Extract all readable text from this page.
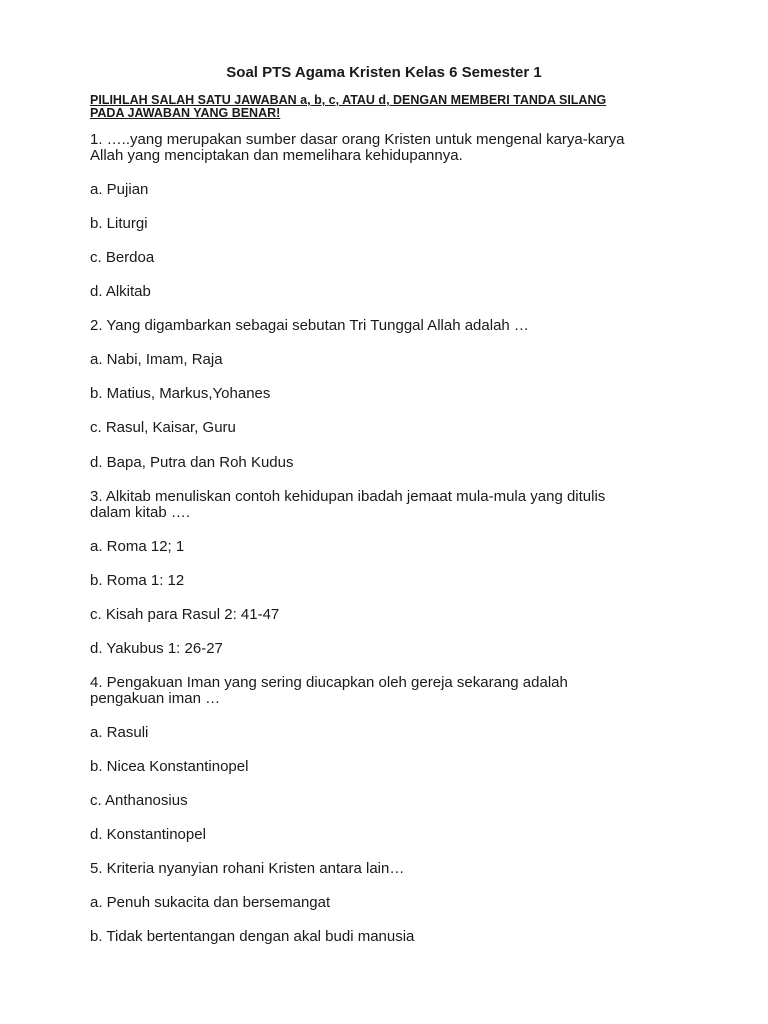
Soal PTS Agama Kristen Kelas 6 Semester 1
PILIHLAH SALAH SATU JAWABAN a, b, c, ATAU d, DENGAN MEMBERI TANDA SILANG
PADA JAWABAN YANG BENAR!
1. …..yang merupakan sumber dasar orang Kristen untuk mengenal karya-karya
Allah yang menciptakan dan memelihara kehidupannya.
a. Pujian
b. Liturgi
c. Berdoa
d. Alkitab
2. Yang digambarkan sebagai sebutan Tri Tunggal Allah adalah …
a. Nabi, Imam, Raja
b. Matius, Markus,Yohanes
c. Rasul, Kaisar, Guru
d. Bapa, Putra dan Roh Kudus
3. Alkitab menuliskan contoh kehidupan ibadah jemaat mula-mula yang ditulis
dalam kitab ….
a. Roma 12; 1
b. Roma 1: 12
c. Kisah para Rasul 2: 41-47
d. Yakubus 1: 26-27
4. Pengakuan Iman yang sering diucapkan oleh gereja sekarang adalah
pengakuan iman …
a. Rasuli
b. Nicea Konstantinopel
c. Anthanosius
d. Konstantinopel
5. Kriteria nyanyian rohani Kristen antara lain…
a. Penuh sukacita dan bersemangat
b. Tidak bertentangan dengan akal budi manusia
